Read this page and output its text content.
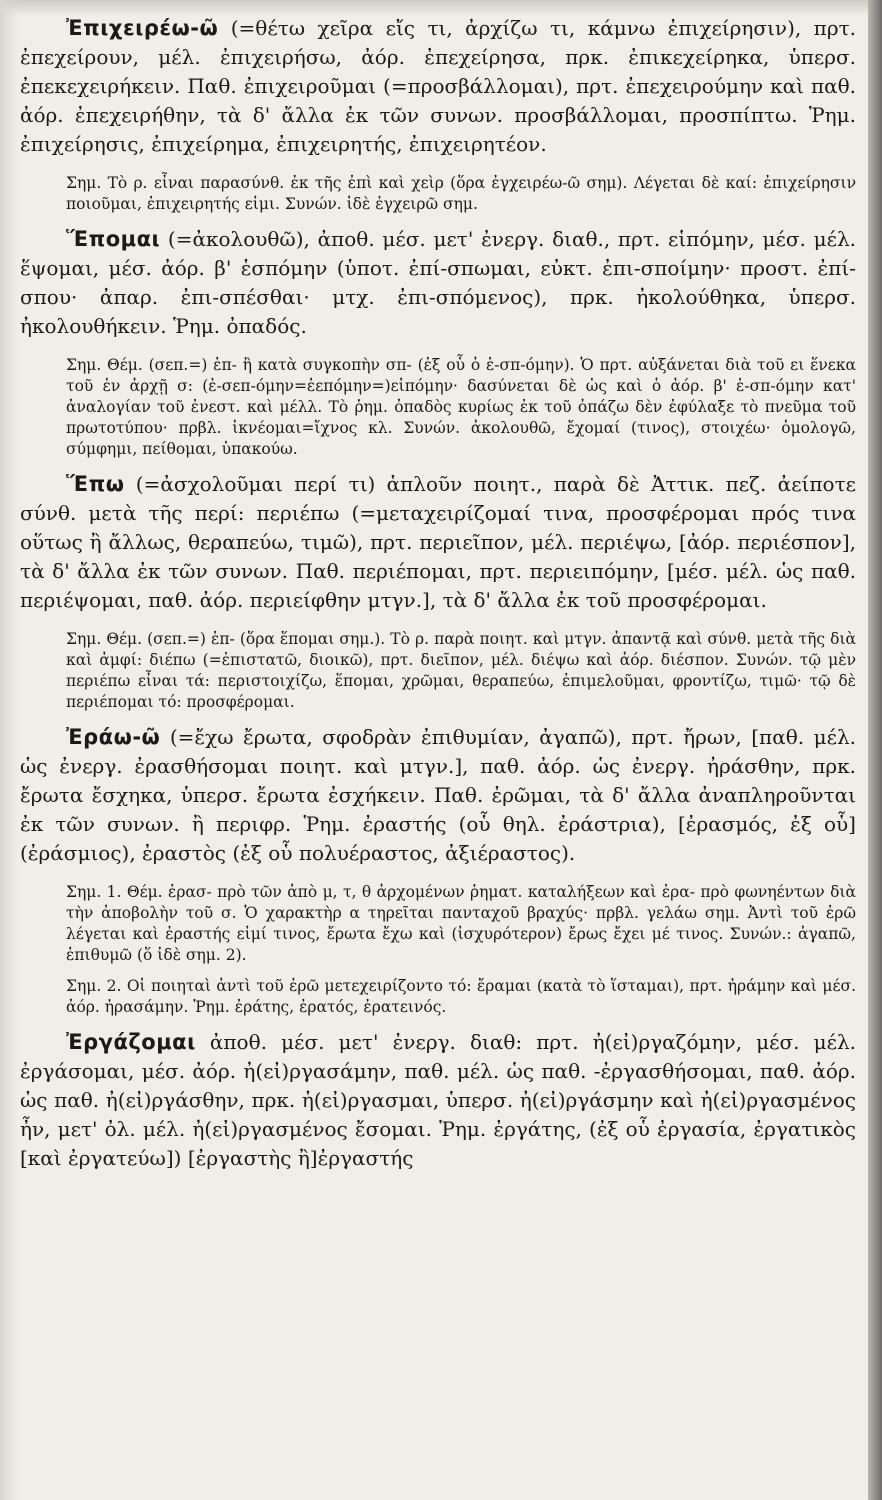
Ἐπιχειρέω-ῶ (=θέτω χεῖρα εἴς τι, ἀρχίζω τι, κάμνω ἐπιχείρησιν), πρτ. ἐπεχείρουν, μέλ. ἐπιχειρήσω, ἀόρ. ἐπεχείρησα, πρκ. ἐπικεχείρηκα, ὑπερσ. ἐπεκεχειρήκειν. Παθ. ἐπιχειροῦμαι (=προσβάλλομαι), πρτ. ἐπεχειρούμην καὶ παθ. ἀόρ. ἐπεχειρήθην, τὰ δ' ἄλλα ἐκ τῶν συνων. προσβάλλομαι, προσπίπτω. Ῥημ. ἐπιχείρησις, ἐπιχείρημα, ἐπιχειρητής, ἐπιχειρητέον.

Σημ. Τὸ ρ. εἶναι παρασύνθ. ἐκ τῆς ἐπὶ καὶ χεὶρ (ὅρα ἐγχειρέω-ῶ σημ). Λέγεται δὲ καί: ἐπιχείρησιν ποιοῦμαι, ἐπιχειρητής εἰμι. Συνών. ἰδὲ ἐγχειρῶ σημ.

Ἕπομαι (=ἀκολουθῶ), ἀποθ. μέσ. μετ' ἐνεργ. διαθ., πρτ. εἱπόμην, μέσ. μέλ. ἕψομαι, μέσ. ἀόρ. β' ἑσπόμην (ὑποτ. ἐπί-σπωμαι, εὐκτ. ἐπι-σποίμην· προστ. ἐπί-σπου· ἀπαρ. ἐπι-σπέσθαι· μτχ. ἐπι-σπόμενος), πρκ. ἠκολούθηκα, ὑπερσ. ἠκολουθήκειν. Ῥημ. ὀπαδός.

Σημ. Θέμ. (σεπ.=) ἑπ- ἢ κατὰ συγκοπὴν σπ- (ἐξ οὗ ὁ ἑ-σπ-όμην). Ὁ πρτ. αὐξάνεται διὰ τοῦ ει ἕνεκα τοῦ ἐν ἀρχῇ σ: (ἐ-σεπ-όμην=ἐεπόμην=)εἱπόμην· δασύνεται δὲ ὡς καὶ ὁ ἀόρ. β' ἑ-σπ-όμην κατ' ἀναλογίαν τοῦ ἐνεστ. καὶ μέλλ. Τὸ ῥημ. ὀπαδὸς κυρίως ἐκ τοῦ ὀπάζω δὲν ἐφύλαξε τὸ πνεῦμα τοῦ πρωτοτύπου· πρβλ. ἱκνέομαι=ἴχνος κλ. Συνών. ἀκολουθῶ, ἔχομαί (τινος), στοιχέω· ὁμολογῶ, σύμφημι, πείθομαι, ὑπακούω.

Ἕπω (=ἀσχολοῦμαι περί τι) ἁπλοῦν ποιητ., παρὰ δὲ Ἀττικ. πεζ. ἀείποτε σύνθ. μετὰ τῆς περί: περιέπω (=μεταχειρίζομαί τινα, προσφέρομαι πρός τινα οὕτως ἢ ἄλλως, θεραπεύω, τιμῶ), πρτ. περιεῖπον, μέλ. περιέψω, [ἀόρ. περιέσπον], τὰ δ' ἄλλα ἐκ τῶν συνων. Παθ. περιέπομαι, πρτ. περιειπόμην, [μέσ. μέλ. ὡς παθ. περιέψομαι, παθ. ἀόρ. περιείφθην μτγν.], τὰ δ' ἄλλα ἐκ τοῦ προσφέρομαι.

Σημ. Θέμ. (σεπ.=) ἑπ- (ὅρα ἕπομαι σημ.). Τὸ ρ. παρὰ ποιητ. καὶ μτγν. ἀπαντᾷ καὶ σύνθ. μετὰ τῆς διὰ καὶ ἀμφί: διέπω (=ἐπιστατῶ, διοικῶ), πρτ. διεῖπον, μέλ. διέψω καὶ ἀόρ. διέσπον. Συνών. τῷ μὲν περιέπω εἶναι τά: περιστοιχίζω, ἕπομαι, χρῶμαι, θεραπεύω, ἐπιμελοῦμαι, φροντίζω, τιμῶ· τῷ δὲ περιέπομαι τό: προσφέρομαι.

Ἐράω-ῶ (=ἔχω ἔρωτα, σφοδρὰν ἐπιθυμίαν, ἀγαπῶ), πρτ. ἤρων, [παθ. μέλ. ὡς ἐνεργ. ἐρασθήσομαι ποιητ. καὶ μτγν.], παθ. ἀόρ. ὡς ἐνεργ. ἠράσθην, πρκ. ἔρωτα ἔσχηκα, ὑπερσ. ἔρωτα ἐσχήκειν. Παθ. ἐρῶμαι, τὰ δ' ἄλλα ἀναπληροῦνται ἐκ τῶν συνων. ἢ περιφρ. Ῥημ. ἐραστής (οὗ θηλ. ἐράστρια), [ἐρασμός, ἐξ οὗ] (ἐράσμιος), ἐραστὸς (ἐξ οὗ πολυέραστος, ἀξιέραστος).

Σημ. 1. Θέμ. ἐρασ- πρὸ τῶν ἀπὸ μ, τ, θ ἀρχομένων ῥηματ. καταλήξεων καὶ ἐρα- πρὸ φωνηέντων διὰ τὴν ἀποβολὴν τοῦ σ. Ὁ χαρακτὴρ α τηρεῖται πανταχοῦ βραχύς· πρβλ. γελάω σημ. Ἀντὶ τοῦ ἐρῶ λέγεται καὶ ἐραστής εἰμί τινος, ἔρωτα ἔχω καὶ (ἰσχυρότερον) ἔρως ἔχει μέ τινος. Συνών.: ἀγαπῶ, ἐπιθυμῶ (ὅ ἰδὲ σημ. 2).

Σημ. 2. Οἱ ποιηταὶ ἀντὶ τοῦ ἐρῶ μετεχειρίζοντο τό: ἔραμαι (κατὰ τὸ ἵσταμαι), πρτ. ἠράμην καὶ μέσ. ἀόρ. ἠρασάμην. Ῥημ. ἐράτης, ἐρατός, ἐρατεινός.

Ἐργάζομαι ἀποθ. μέσ. μετ' ἐνεργ. διαθ: πρτ. ἠ(εἰ)ργαζόμην, μέσ. μέλ. ἐργάσομαι, μέσ. ἀόρ. ἠ(εἰ)ργασάμην, παθ. μέλ. ὡς παθ. -ἐργασθήσομαι, παθ. ἀόρ. ὡς παθ. ἠ(εἰ)ργάσθην, πρκ. ἠ(εἰ)ργασμαι, ὑπερσ. ἠ(εἰ)ργάσμην καὶ ἠ(εἰ)ργασμένος ἦν, μετ' ὀλ. μέλ. ἠ(εἰ)ργασμένος ἔσομαι. Ῥημ. ἐργάτης, (ἐξ οὗ ἐργασία, ἐργατικὸς [καὶ ἐργατεύω]) [ἐργαστὴς ἢ]ἐργαστής
